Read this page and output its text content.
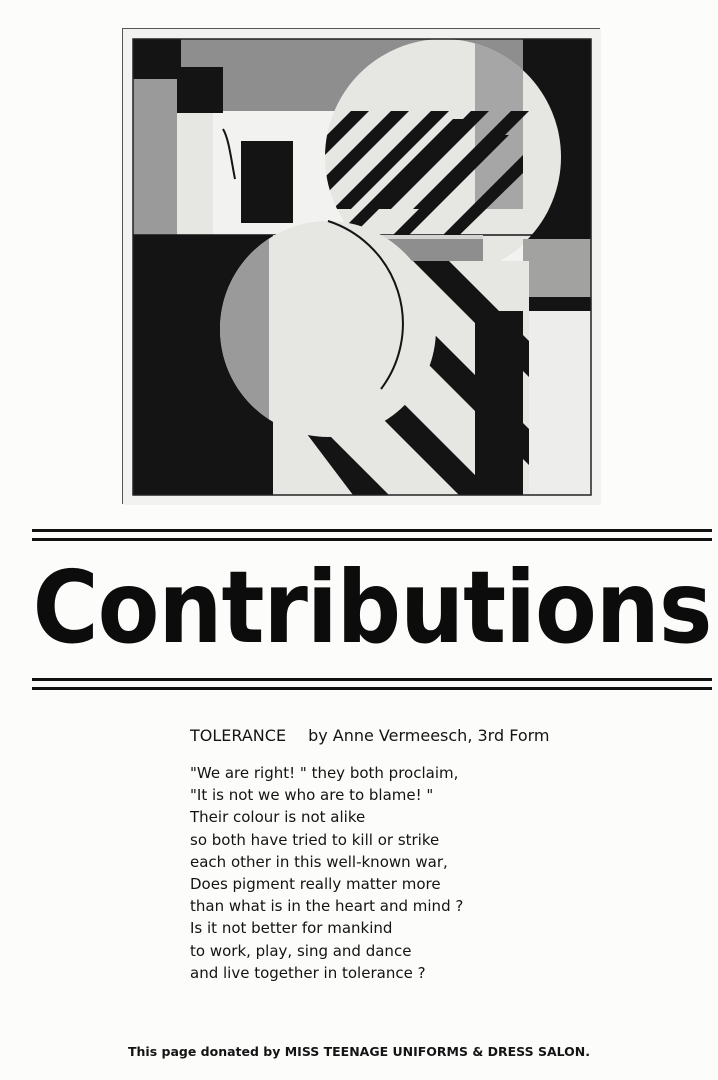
Contributions

TOLERANCE by Anne Vermeesch, 3rd Form

"We are right! " they both proclaim,
"It is not we who are to blame! "
Their colour is not alike
so both have tried to kill or strike
each other in this well-known war,
Does pigment really matter more
than what is in the heart and mind ?
Is it not better for mankind
to work, play, sing and dance
and live together in tolerance ?

This page donated by MISS TEENAGE UNIFORMS & DRESS SALON.
